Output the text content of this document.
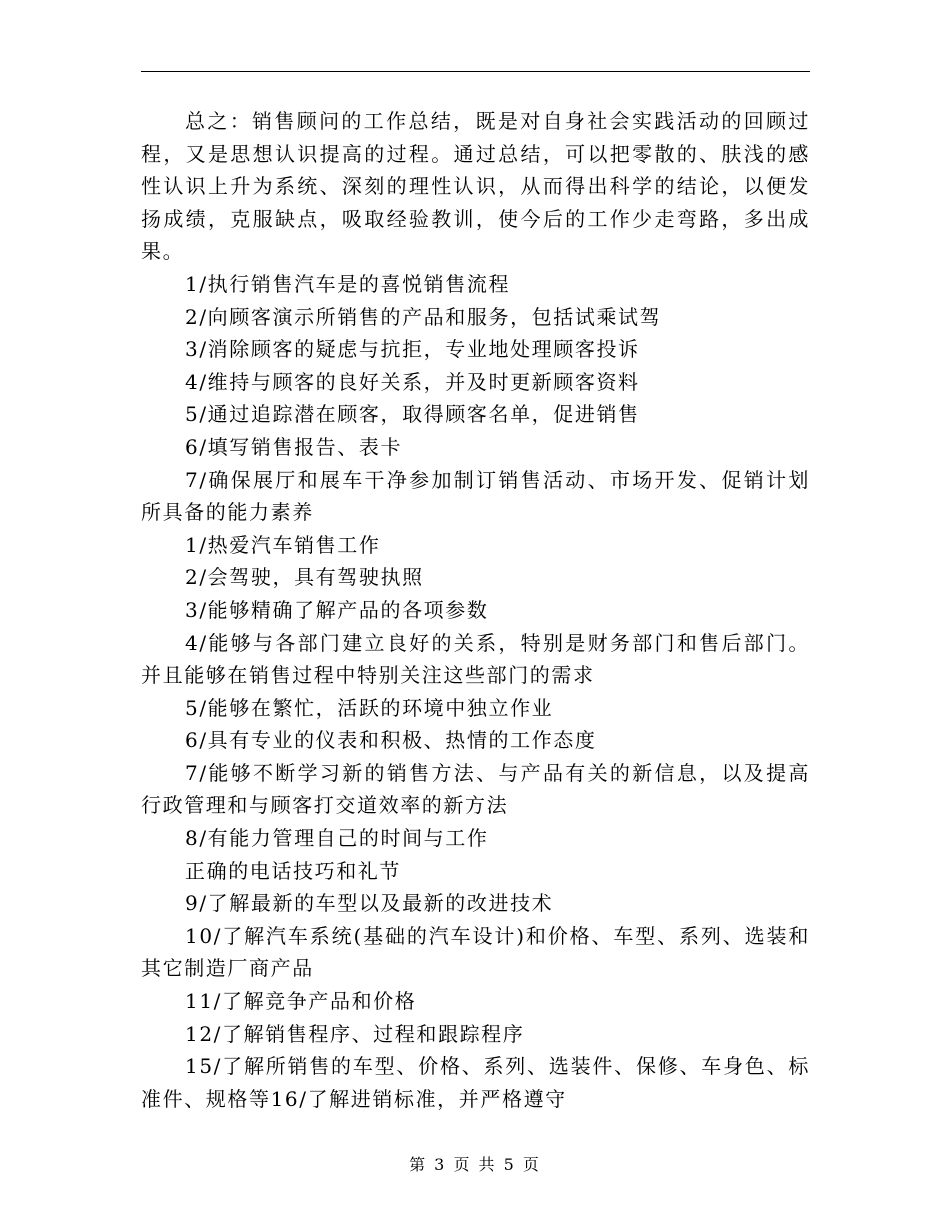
总之：销售顾问的工作总结，既是对自身社会实践活动的回顾过程，又是思想认识提高的过程。通过总结，可以把零散的、肤浅的感性认识上升为系统、深刻的理性认识，从而得出科学的结论，以便发扬成绩，克服缺点，吸取经验教训，使今后的工作少走弯路，多出成果。

1/执行销售汽车是的喜悦销售流程

2/向顾客演示所销售的产品和服务，包括试乘试驾

3/消除顾客的疑虑与抗拒，专业地处理顾客投诉

4/维持与顾客的良好关系，并及时更新顾客资料

5/通过追踪潜在顾客，取得顾客名单，促进销售

6/填写销售报告、表卡

7/确保展厅和展车干净参加制订销售活动、市场开发、促销计划所具备的能力素养

1/热爱汽车销售工作

2/会驾驶，具有驾驶执照

3/能够精确了解产品的各项参数

4/能够与各部门建立良好的关系，特别是财务部门和售后部门。并且能够在销售过程中特别关注这些部门的需求

5/能够在繁忙，活跃的环境中独立作业

6/具有专业的仪表和积极、热情的工作态度

7/能够不断学习新的销售方法、与产品有关的新信息，以及提高行政管理和与顾客打交道效率的新方法

8/有能力管理自己的时间与工作

正确的电话技巧和礼节

9/了解最新的车型以及最新的改进技术

10/了解汽车系统(基础的汽车设计)和价格、车型、系列、选装和其它制造厂商产品

11/了解竞争产品和价格

12/了解销售程序、过程和跟踪程序

15/了解所销售的车型、价格、系列、选装件、保修、车身色、标准件、规格等16/了解进销标准，并严格遵守

第 3 页 共 5 页
